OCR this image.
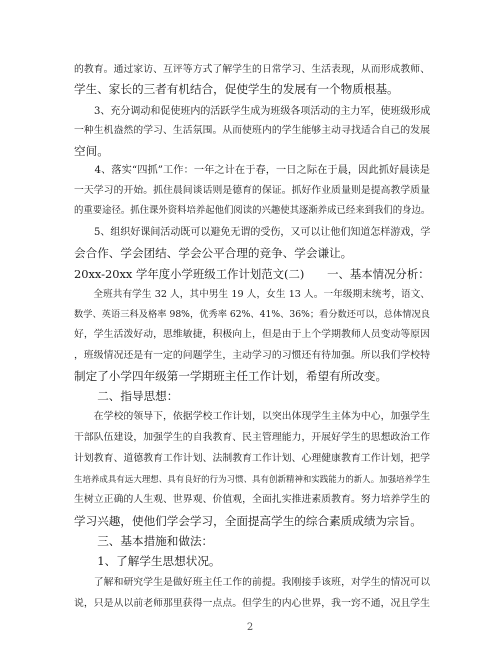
的教育。通过家访、互评等方式了解学生的日常学习、生活表现，从而形成教师、
学生、家长的三者有机结合，促使学生的发展有一个物质根基。
　　3、充分调动和促使班内的活跃学生成为班级各项活动的主力军，使班级形成
一种生机盎然的学习、生活氛围。从而使班内的学生能够主动寻找适合自己的发展
空间。
　　4、落实“四抓”工作：一年之计在于春，一日之际在于晨，因此抓好晨读是
一天学习的开始。抓住晨间谈话则是德育的保证。抓好作业质量则是提高教学质量
的重要途径。抓住课外资料培养起他们阅读的兴趣使其逐渐养成已经来到我们的身边。
　　5、组织好课间活动既可以避免无谓的受伤，又可以让他们知道怎样游戏，学
会合作、学会团结、学会公平合理的竞争、学会谦让。
20xx-20xx 学年度小学班级工作计划范文(二)　　一、基本情况分析：
　　全班共有学生 32 人，其中男生 19 人，女生 13 人。一年级期末统考，语文、
数学、英语三科及格率 98%，优秀率 62%、41%、36%；看分数还可以，总体情况良
好，学生活泼好动，思维敏捷，积极向上，但是由于上个学期教师人员变动等原因
，班级情况还是有一定的问题学生，主动学习的习惯还有待加强。所以我们学校特
制定了小学四年级第一学期班主任工作计划，希望有所改变。
　　二、指导思想：
　　在学校的领导下，依据学校工作计划，以突出体现学生主体为中心，加强学生
干部队伍建设，加强学生的自我教育、民主管理能力，开展好学生的思想政治工作
计划教育、道德教育工作计划、法制教育工作计划、心理健康教育工作计划，把学
生培养成具有远大理想、具有良好的行为习惯、具有创新精神和实践能力的新人。加强培养学生
生树立正确的人生观、世界观、价值观，全面扎实推进素质教育。努力培养学生的
学习兴趣，使他们学会学习，全面提高学生的综合素质成绩为宗旨。
　　三、基本措施和做法：
　　1、了解学生思想状况。
　　了解和研究学生是做好班主任工作的前提。我刚接手该班，对学生的情况可以
说，只是从以前老师那里获得一点点。但学生的内心世界，我一窍不通，况且学生
2
